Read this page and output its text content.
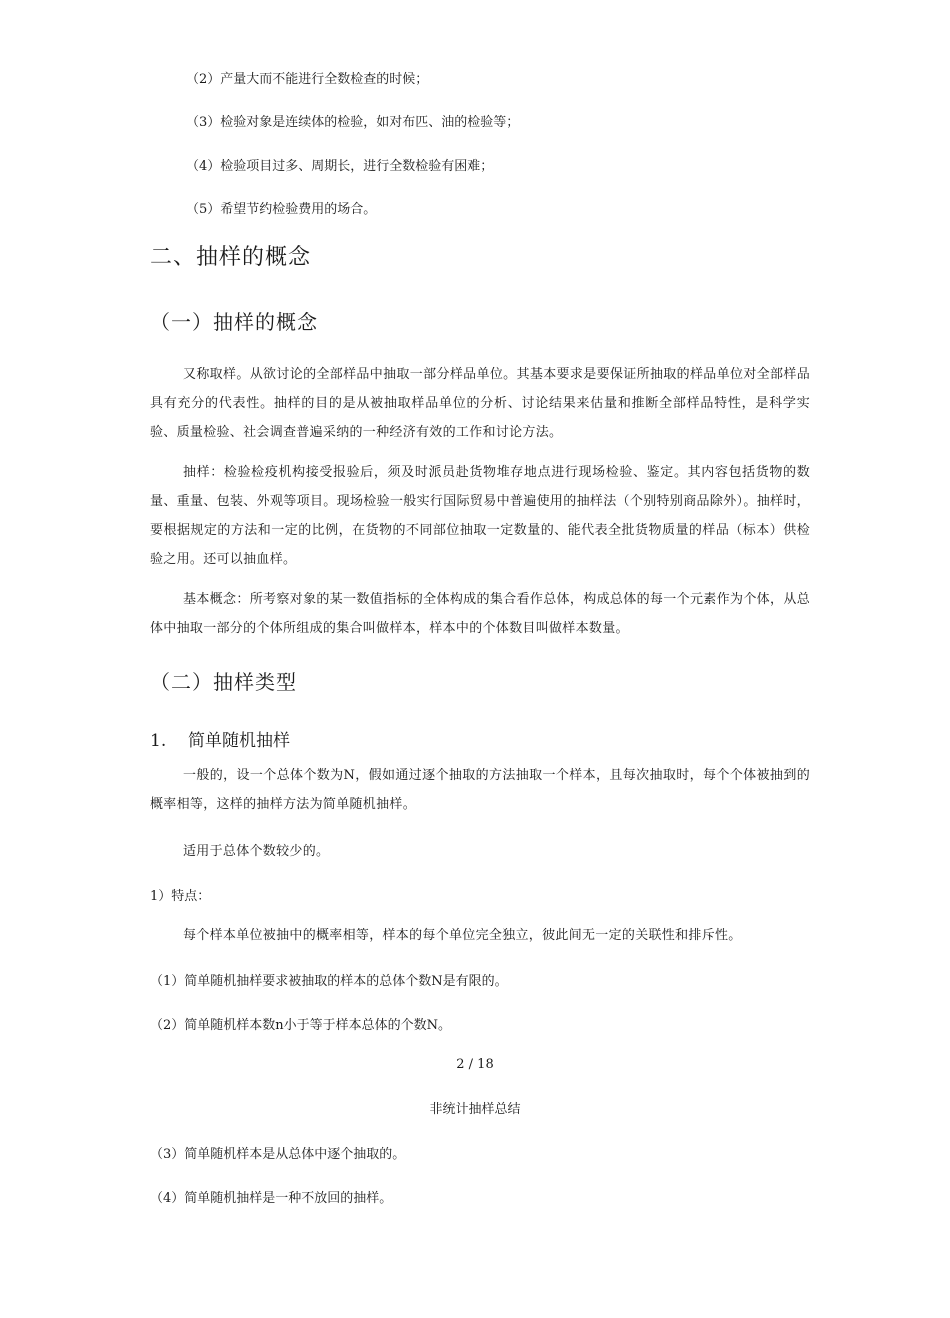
（2）产量大而不能进行全数检查的时候；
（3）检验对象是连续体的检验，如对布匹、油的检验等；
（4）检验项目过多、周期长，进行全数检验有困难；
（5）希望节约检验费用的场合。
二、抽样的概念
（一）抽样的概念
又称取样。从欲讨论的全部样品中抽取一部分样品单位。其基本要求是要保证所抽取的样品单位对全部样品具有充分的代表性。抽样的目的是从被抽取样品单位的分析、讨论结果来估量和推断全部样品特性，是科学实验、质量检验、社会调查普遍采纳的一种经济有效的工作和讨论方法。
抽样：检验检疫机构接受报验后，须及时派员赴货物堆存地点进行现场检验、鉴定。其内容包括货物的数量、重量、包装、外观等项目。现场检验一般实行国际贸易中普遍使用的抽样法（个别特别商品除外）。抽样时，要根据规定的方法和一定的比例，在货物的不同部位抽取一定数量的、能代表全批货物质量的样品（标本）供检验之用。还可以抽血样。
基本概念：所考察对象的某一数值指标的全体构成的集合看作总体，构成总体的每一个元素作为个体，从总体中抽取一部分的个体所组成的集合叫做样本，样本中的个体数目叫做样本数量。
（二）抽样类型
1. 简单随机抽样
一般的，设一个总体个数为N，假如通过逐个抽取的方法抽取一个样本，且每次抽取时，每个个体被抽到的概率相等，这样的抽样方法为简单随机抽样。
适用于总体个数较少的。
1）特点：
每个样本单位被抽中的概率相等，样本的每个单位完全独立，彼此间无一定的关联性和排斥性。
（1）简单随机抽样要求被抽取的样本的总体个数N是有限的。
（2）简单随机样本数n小于等于样本总体的个数N。
2 / 18
非统计抽样总结
（3）简单随机样本是从总体中逐个抽取的。
（4）简单随机抽样是一种不放回的抽样。
